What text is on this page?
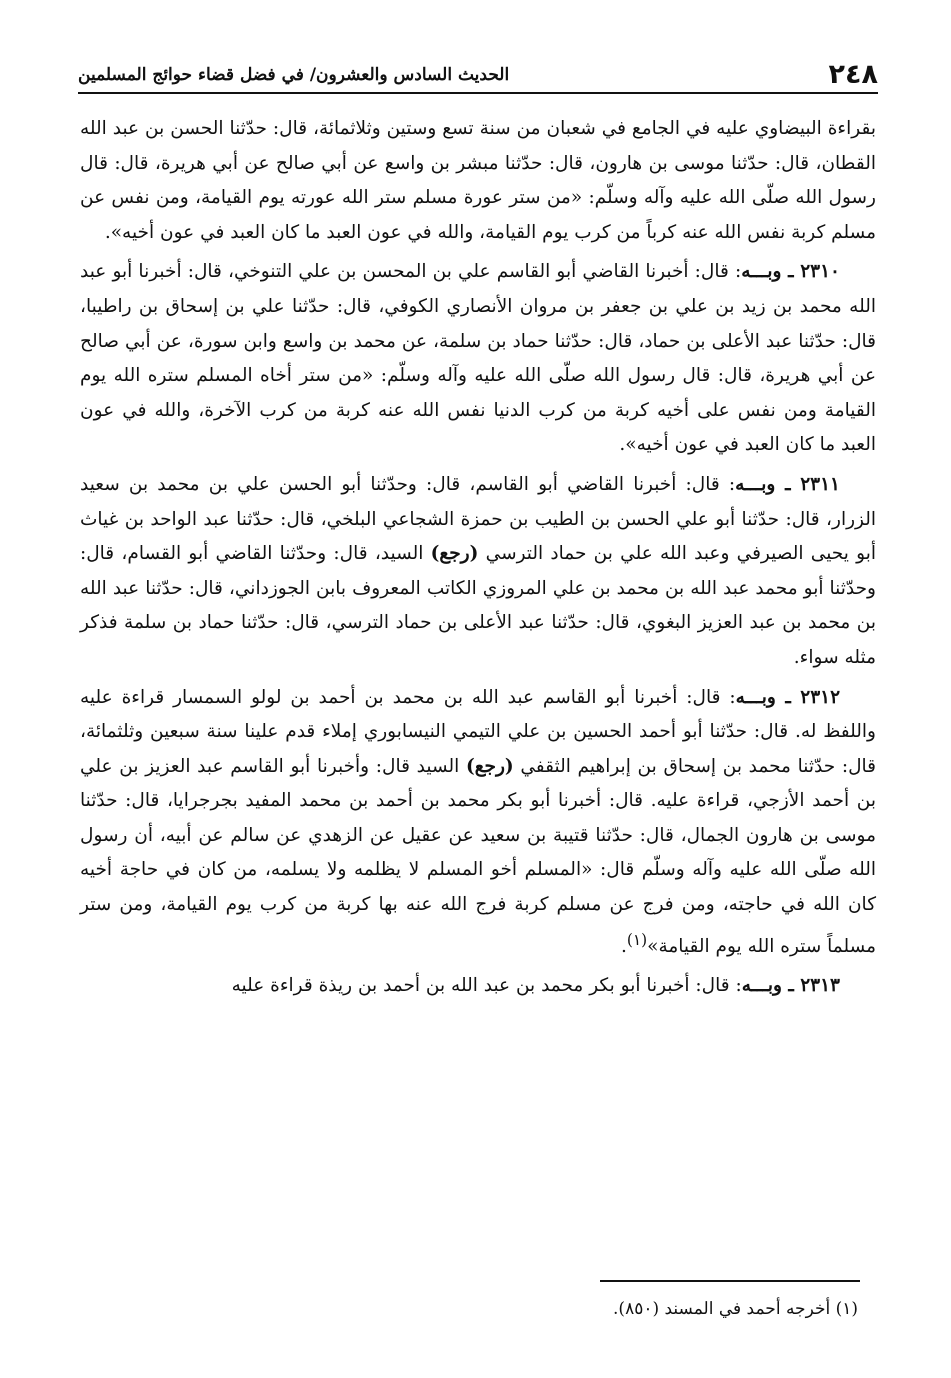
٢٤٨
الحديث السادس والعشرون/ في فضل قضاء حوائج المسلمين

بقراءة البيضاوي عليه في الجامع في شعبان من سنة تسع وستين وثلاثمائة، قال: حدّثنا الحسن بن عبد الله القطان، قال: حدّثنا موسى بن هارون، قال: حدّثنا مبشر بن واسع عن أبي صالح عن أبي هريرة، قال: قال رسول الله صلّى الله عليه وآله وسلّم: «من ستر عورة مسلم ستر الله عورته يوم القيامة، ومن نفس عن مسلم كربة نفس الله عنه كرباً من كرب يوم القيامة، والله في عون العبد ما كان العبد في عون أخيه».

٢٣١٠ ـ وبـــه: قال: أخبرنا القاضي أبو القاسم علي بن المحسن بن علي التنوخي، قال: أخبرنا أبو عبد الله محمد بن زيد بن علي بن جعفر بن مروان الأنصاري الكوفي، قال: حدّثنا علي بن إسحاق بن راطيبا، قال: حدّثنا عبد الأعلى بن حماد، قال: حدّثنا حماد بن سلمة، عن محمد بن واسع وابن سورة، عن أبي صالح عن أبي هريرة، قال: قال رسول الله صلّى الله عليه وآله وسلّم: «من ستر أخاه المسلم ستره الله يوم القيامة ومن نفس على أخيه كربة من كرب الدنيا نفس الله عنه كربة من كرب الآخرة، والله في عون العبد ما كان العبد في عون أخيه».

٢٣١١ ـ وبـــه: قال: أخبرنا القاضي أبو القاسم، قال: وحدّثنا أبو الحسن علي بن محمد بن سعيد الزرار، قال: حدّثنا أبو علي الحسن بن الطيب بن حمزة الشجاعي البلخي، قال: حدّثنا عبد الواحد بن غياث أبو يحيى الصيرفي وعبد الله علي بن حماد الترسي (رجع) السيد، قال: وحدّثنا القاضي أبو القسام، قال: وحدّثنا أبو محمد عبد الله بن محمد بن علي المروزي الكاتب المعروف بابن الجوزداني، قال: حدّثنا عبد الله بن محمد بن عبد العزيز البغوي، قال: حدّثنا عبد الأعلى بن حماد الترسي، قال: حدّثنا حماد بن سلمة فذكر مثله سواء.

٢٣١٢ ـ وبـــه: قال: أخبرنا أبو القاسم عبد الله بن محمد بن أحمد بن لولو السمسار قراءة عليه واللفظ له. قال: حدّثنا أبو أحمد الحسين بن علي التيمي النيسابوري إملاء قدم علينا سنة سبعين وثلثمائة، قال: حدّثنا محمد بن إسحاق بن إبراهيم الثقفي (رجع) السيد قال: وأخبرنا أبو القاسم عبد العزيز بن علي بن أحمد الأزجي، قراءة عليه. قال: أخبرنا أبو بكر محمد بن أحمد بن محمد المفيد بجرجرايا، قال: حدّثنا موسى بن هارون الجمال، قال: حدّثنا قتيبة بن سعيد عن عقيل عن الزهدي عن سالم عن أبيه، أن رسول الله صلّى الله عليه وآله وسلّم قال: «المسلم أخو المسلم لا يظلمه ولا يسلمه، من كان في حاجة أخيه كان الله في حاجته، ومن فرج عن مسلم كربة فرج الله عنه بها كربة من كرب يوم القيامة، ومن ستر مسلماً ستره الله يوم القيامة»$^{(١)}$.

٢٣١٣ ـ وبـــه: قال: أخبرنا أبو بكر محمد بن عبد الله بن أحمد بن ريذة قراءة عليه

(١) أخرجه أحمد في المسند (٨٥٠).
